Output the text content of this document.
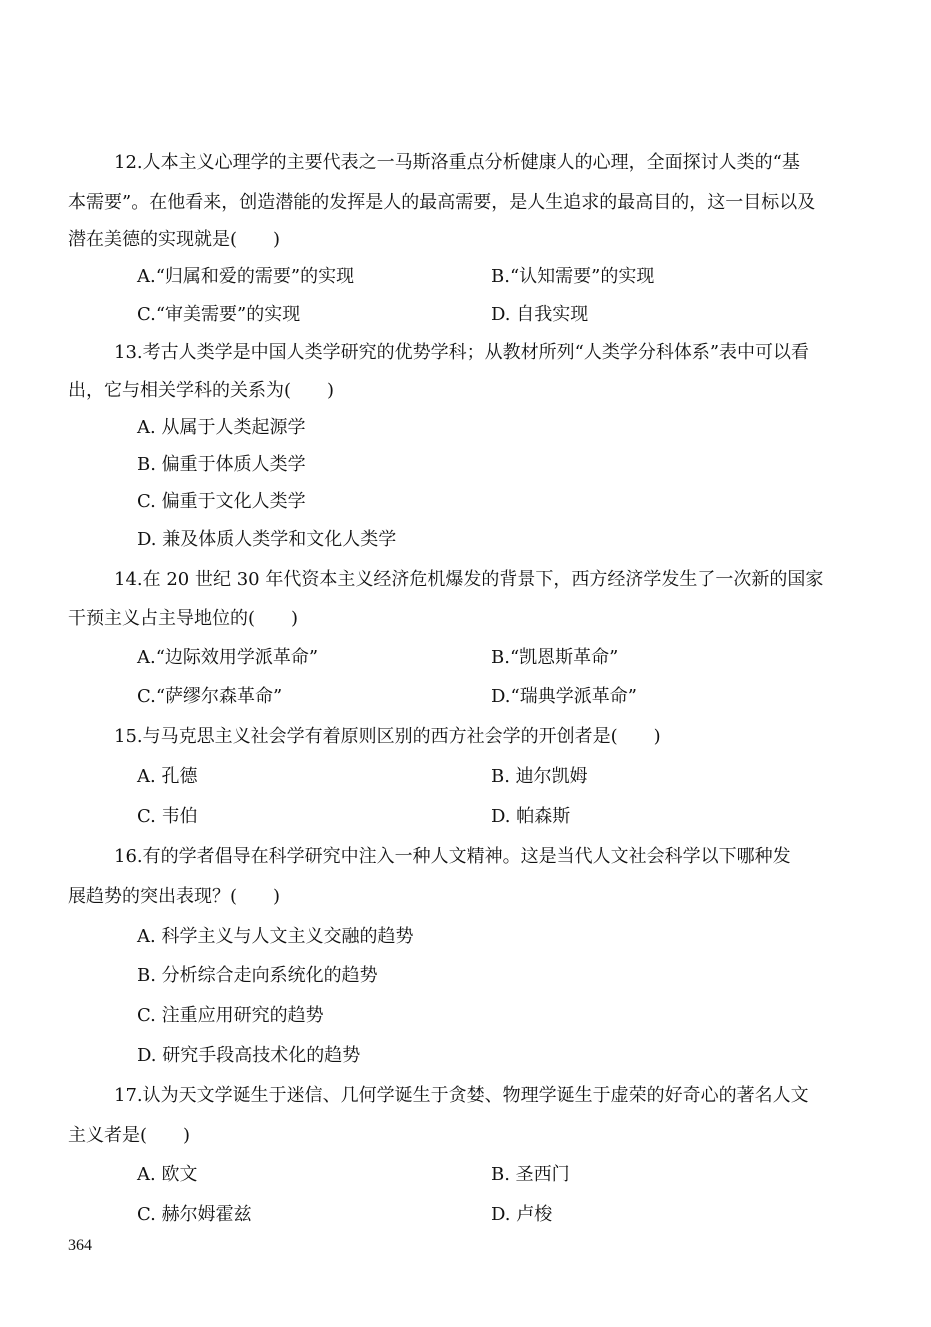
12.人本主义心理学的主要代表之一马斯洛重点分析健康人的心理，全面探讨人类的“基
本需要”。在他看来，创造潜能的发挥是人的最高需要，是人生追求的最高目的，这一目标以及
潜在美德的实现就是(　　)
A.“归属和爱的需要”的实现	B.“认知需要”的实现
C.“审美需要”的实现	D. 自我实现
13.考古人类学是中国人类学研究的优势学科；从教材所列“人类学分科体系”表中可以看
出，它与相关学科的关系为(　　)
A. 从属于人类起源学
B. 偏重于体质人类学
C. 偏重于文化人类学
D. 兼及体质人类学和文化人类学
14.在 20 世纪 30 年代资本主义经济危机爆发的背景下，西方经济学发生了一次新的国家
干预主义占主导地位的(　　)
A.“边际效用学派革命”	B.“凯恩斯革命”
C.“萨缪尔森革命”	D.“瑞典学派革命”
15.与马克思主义社会学有着原则区别的西方社会学的开创者是(　　)
A. 孔德	B. 迪尔凯姆
C. 韦伯	D. 帕森斯
16.有的学者倡导在科学研究中注入一种人文精神。这是当代人文社会科学以下哪种发
展趋势的突出表现？(　　)
A. 科学主义与人文主义交融的趋势
B. 分析综合走向系统化的趋势
C. 注重应用研究的趋势
D. 研究手段高技术化的趋势
17.认为天文学诞生于迷信、几何学诞生于贪婪、物理学诞生于虚荣的好奇心的著名人文
主义者是(　　)
A. 欧文	B. 圣西门
C. 赫尔姆霍兹	D. 卢梭
364
